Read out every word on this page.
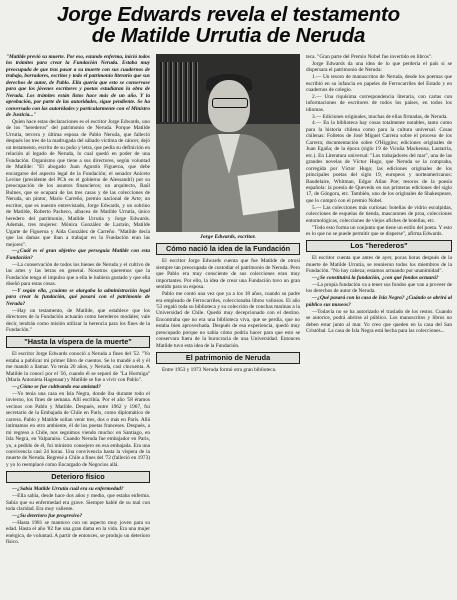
Jorge Edwards revela el testamento
de Matilde Urrutia de Neruda

"Matilde previó su muerte. Por eso, estando enferma, inició todos los trámites para crear la Fundación Neruda. Estaba muy preocupada de que tras pasar a su muerte con sus cuadernos de trabajo, borradores, escritos y todo el patrimonio literario que sus derechos de autor, de Pablo. Ella quería que esto se conservase para que los jóvenes escritores y poetas estudiaran la obra de Neruda. Los trámites están listos hace más de un año. Y la aprobación, por parte de las autoridades, sigue pendiente. Se ha conversado con las autoridades y particularmente con el Ministro de Justicia..."

Quien hace estas declaraciones es el escritor Jorge Edwards, uno de los "herederos" del patrimonio de Neruda. Porque Matilde Urrutia, tercera y última esposa de Pablo Neruda, que falleció después los tres de la madrugada del sábado víctima de cáncer, dejó un testamento, escrito de su puño y letra, que pedía su definición en relación al legado de Neruda, lo cual quedó en poder de una Fundación. Organismo que tiene a sus directores, según voluntad de Matilde: "El abogado Juan Agustín Figueroa, que debe encargarse del aspecto legal de la Fundación; el senador Aniceto Levine (presidente del PCh en el gobierno de Alessandri) por su preocupación de los asuntos financieros; un arquitecto, Raúl Bulnes, que se ocupará de las tres casas y de las colecciones de Neruda, un pintor, Mario Carreño, premio nacional de Arte; un escritor, que es nuestro entrevistado, Jorge Edwards, y un sobrino de Matilde, Roberto Pacheco, albacea de Matilde Urrutia, único heredero del patrimonio, Matilde Urrutia y Jorge Edwards. Además, tres mujeres: Mónica González de Larraín, Matilde Ugarte de Figueroa y Aída González de Carreño. "Matilde decía que las damas que iban a trabajar en la Fundación eran las mejores".

—¿Cuál es el gran objetivo que perseguía Matilde con esta Fundación?

—La conservación de todos los bienes de Neruda y el cultivo de las artes y las letras en general. Nosotros queremos que la Fundación tenga el impulso que a ella le hubiera gustado y que ella diseñó para estas cosas.

—Y según ella, ¿cuánto se alargaba la administración legal para crear la fundación, qué pasará con el patrimonio de Neruda?

—Hay un testamento, de Matilde, que establece que los directores de la Fundación actuarán como herederos modales; vale decir, tendrán como misión utilizar la herencia para los fines de la Fundación."

"Hasta la víspera de la muerte"

El escritor Jorge Edwards conoció a Neruda a fines del '52. "Yo estaba a publicar mi primer libro de cuentos. Se lo mandé a él y él me mandó a llamar. Yo tenía 20 años, y Neruda, casi cincuenta. A Matilde la conocí por el '56, cuando él se separó de "La Hormiga" (María Antonieta Hagenaar) y Matilde se fue a vivir con Pablo".

—¿Cómo se fue cultivando esa amistad?

—Yo tenía una casa en Isla Negra, donde iba durante todo el invierno, los fines de semana. Allí escribía. Por el año '58 éramos vecinos con Pablo y Matilde. Después, entre 1962 y 1967, fui secretario de la Embajada de Chile en París, como diplomático de carrera. Pablo y Matilde solían venir tres, dos o más en París. Allá intimamos en otro ambiente, él de los poetas franceses. Después, a mi regreso a Chile, nos seguimos viendo mucho: en Santiago, en Isla Negra, en Valparaíso. Cuando Neruda fue embajador en Paris, yo, a pedido de él, fui ministro consejero en esa embajada. Era una convivencia casi 24 horas. Una convivencia hasta la víspera de la muerte de Neruda. Regresé a Chile a fines del '72 (falleció en 1973) y yo lo reemplacé como Encargado de Negocios allá.

Deterioro físico

—¿Sabía Matilde Urrutia cuál era su enfermedad?

—Ella sabía, desde hace dos años y medio, que estaba enferma. Sabía que su enfermedad era grave. Siempre hablé de su mal con toda claridad. Era muy valiente.

—¿Su deterioro fue progresivo?

—Hasta 1981 se mantuvo con un aspecto muy joven para su edad. Hasta el año '82 fue una gran dama en la vida. Era una mujer enérgica, de voluntad. A partir de entonces, se produjo un deterioro físico.

Jorge Edwards, escritor.
Cómo nació la idea de la Fundación

El escritor Jorge Edwards cuenta que fue Matilde de otrosí siempre tan preocupada de custodiar el patrimonio de Neruda. Pero que Pablo era muy consciente de sus colecciones eran muy importantes. Por ello, la idea de crear una Fundación tuvo un gran sentido para su esposa.

Pablo me contó una vez que ya a los 18 años, cuando su padre era empleado de Ferrocarriles, coleccionaba libros valiosos. El año '53 regaló toda su biblioteca y su colección de conchas marinas a la Universidad de Chile. Quedó muy decepcionado con el destino. Encontraba que no era una biblioteca viva, que se perdía, que no estaba bien aprovechada. Después de esa experiencia, quedó muy preocupado porque no sabía cómo podría hacer para que esto se conservara fuera de la burocracia de una Universidad. Entonces Matilde tuvo esta idea de la Fundación.

El patrimonio de Neruda

Entre 1953 y 1973 Neruda formó otra gran biblioteca.

teca. "Gran parte del Premio Nobel fue invertido en libros".

Jorge Edwards da una idea de lo que perdería el país si se dispersara el patrimonio de Neruda:

1.— Un tesoro de manuscritos de Neruda, desde los poemas que escribió en su infancia en papeles de Ferrocarriles del Estado y en cuadernos de colegio.

2.— Una riquísima correspondencia literaria, con cartas con informaciones de escritores de todos los países, en todos los idiomas.

3.— Ediciones originales, muchas de ellas firmadas, de Neruda.

4.— En la biblioteca hay cosas totalmente notables, tanto como para la historia chilena como para la cultura universal. Cosas chilenas: Folletos de José Miguel Carrera sobre el proceso de los Carrera; documentación sobre O'Higgins; ediciones originales de Juan Egaña; de la época (siglo 19 de Vicuña Mackenna, Lastarria, etc.). En Literatura universal: "Los trabajadores del mar", una de las grandes novelas de Víctor Hugo, que Neruda se la compraba, corregida por Víctor Hugo; las ediciones originales de los principales poetas del siglo 19, europeos y norteamericanos: Baudelaire, Whitman, Edgar Allan Poe; tesoros de la poesía española: la poesía de Quevedo en sus primeras ediciones del siglo 17, de Góngora, etc. También, uno de los originales de Shakespeare, que lo compró con el premio Nobel.

5.— Las colecciones más curiosas: botellas de vidrio esculpidas, colecciones de esquelas de tienda, mascarones de proa, colecciones entomológicas, colecciones de viejos afiches de botellas, etc.

"Todo esto forma un conjunto que tiene un estilo del poeta. Y esto es lo que no se puede permitir que se disperse", afirma Edwards.

Los "herederos"

El escritor cuenta que antes de ayer, pocas horas después de la muerte de Matilde Urrutia, se reunieron todos los miembros de la Fundación. "No hay cabeza; estamos actuando por unanimidad".

—¿Se constituirá la fundación, ¿con qué fondos actuará?

—La propia fundación va a tener sus fondos que van a proveer de los derechos de autor de Neruda.

—¿Qué pasará con la casa de Isla Negra? ¿Cuándo se abrirá al público sus museos?

—Todavía no se ha autorizado el traslado de los restos. Cuando se autorice, podrá abrirse al público. Los manuscritos y libros no deben estar junto al mar. Yo creo que queden en la casa del San Cristóbal. La casa de Isla Negra está hecha para las colecciones...
